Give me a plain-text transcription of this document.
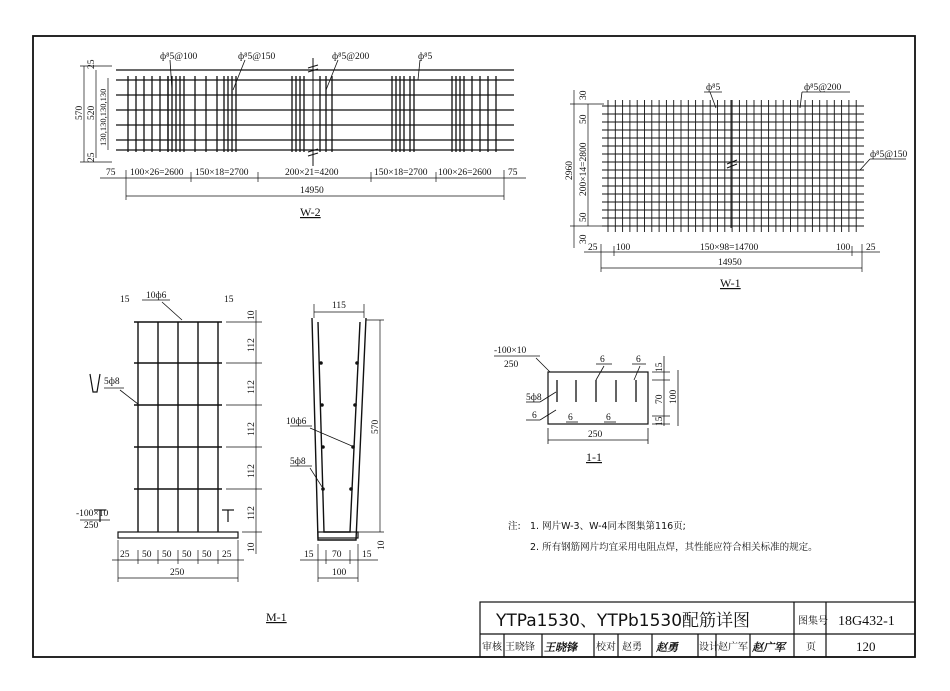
ф⁸5@100	ф⁸5@150	ф⁸5@200	ф⁸5
25
570 520 130,130,130,130
25
75 100×26=2600 150×18=2700	200×21=4200	150×18=2700 100×26=2600 75
14950
W-2
ф⁸5	ф⁸5@200
ф⁸5@150
30
50
2960 200×14=2800
50
30
25 100	150×98=14700	100 25
14950
W-1
10ф6
15	15
5ф8
-100×10
250
10
112
112
112
112
112
10
25 50 50 50 50 25
250
M-1
115
570
10ф6
5ф8
15 70 15
100
10
-100×10
250	6	6
5ф8
6	6	6
250
15
70
15
100
1-1
注: 1. 网片W-3、W-4同本图集第116页;
2. 所有钢筋网片均宜采用电阻点焊，其性能应符合相关标准的规定。
YTPa1530、YTPb1530配筋详图	图集号 18G432-1
审核 王晓锋 王晓锋 校对 赵勇 赵勇 设计 赵广军 赵广军 页	120
